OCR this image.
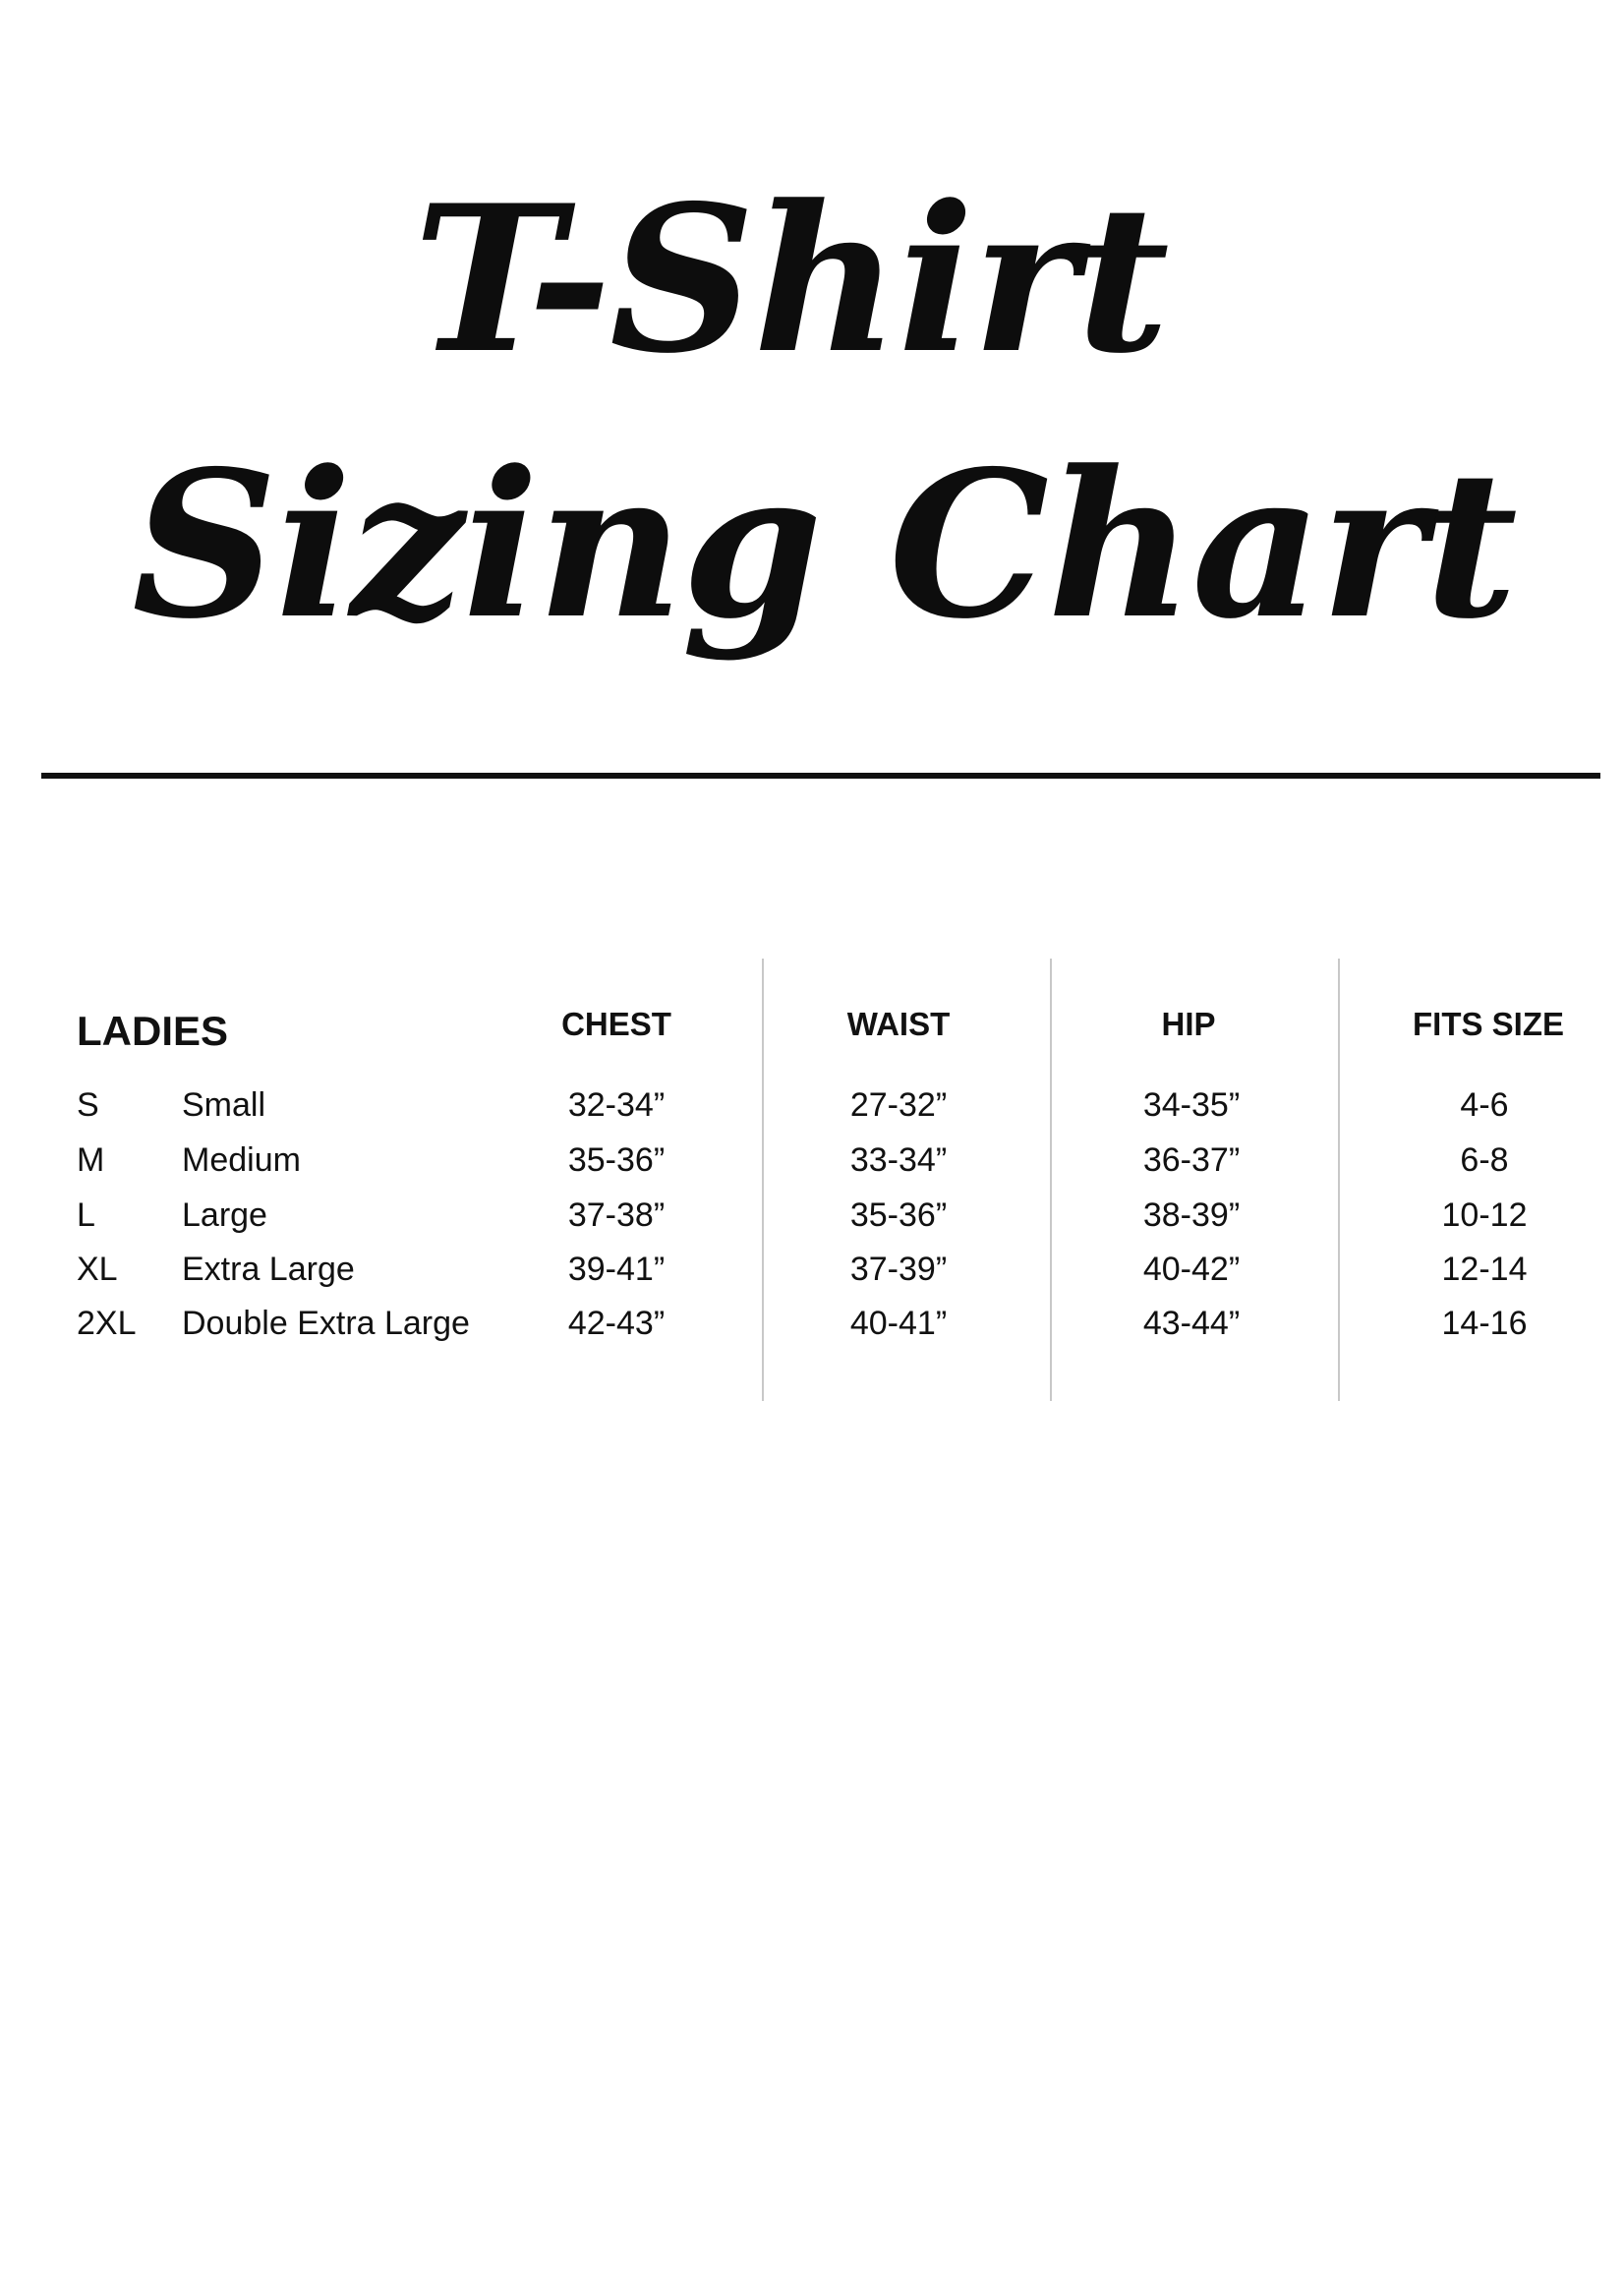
T-Shirt
Sizing Chart
LADIES	CHEST	WAIST	HIP	FITS SIZE
S Small	32-34”	27-32”	34-35”	4-6
M Medium	35-36”	33-34”	36-37”	6-8
L	Large	37-38”	35-36”	38-39”	10-12
XL Extra Large	39-41”	37-39”	40-42”	12-14
2XL Double Extra Large	42-43”	40-41”	43-44”	14-16
